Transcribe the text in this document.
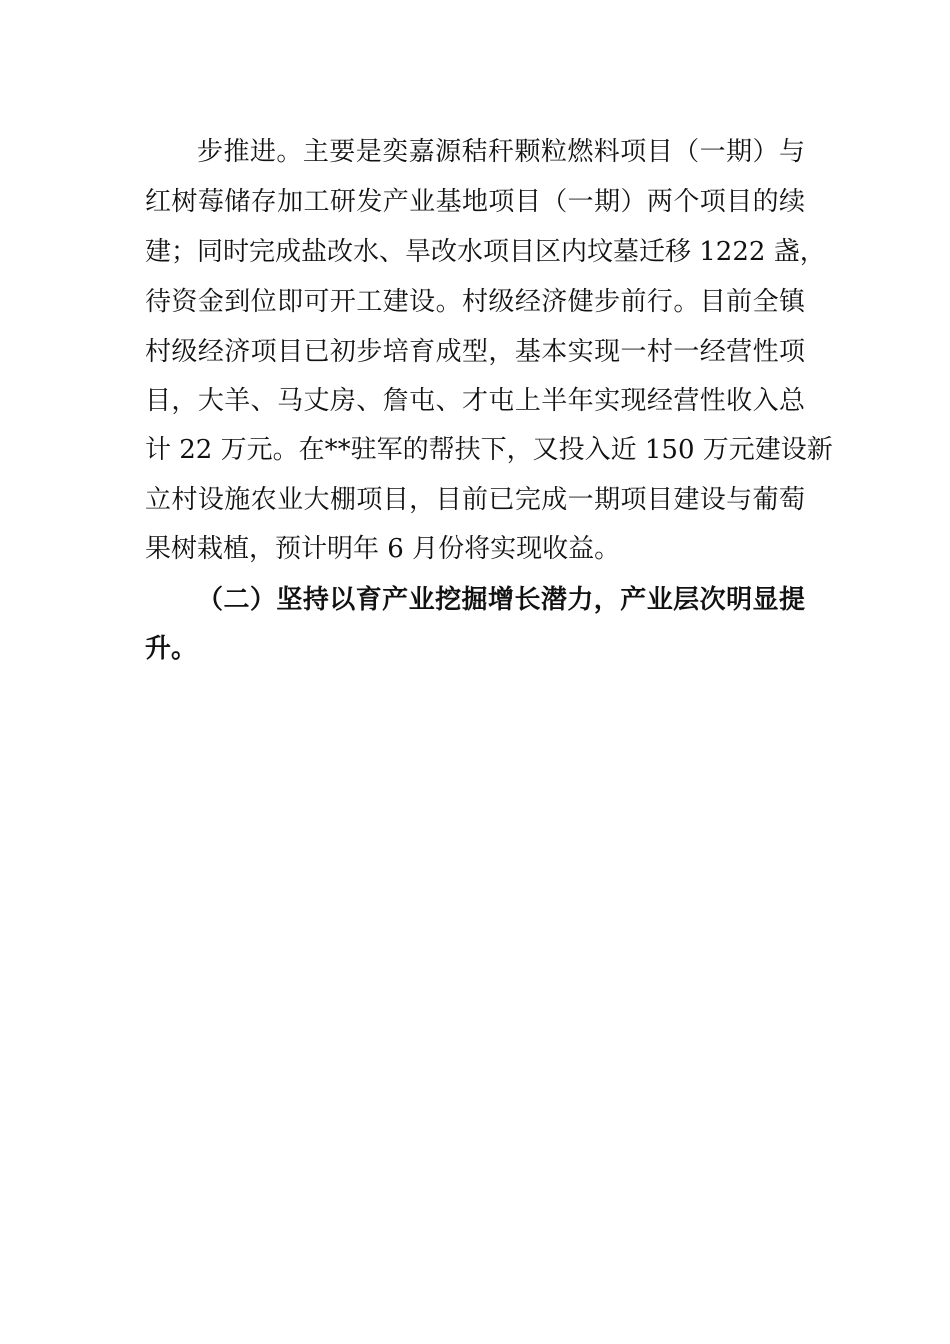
步推进。主要是奕嘉源秸秆颗粒燃料项目（一期）与
红树莓储存加工研发产业基地项目（一期）两个项目的续
建；同时完成盐改水、旱改水项目区内坟墓迁移 1222 盏，
待资金到位即可开工建设。村级经济健步前行。目前全镇
村级经济项目已初步培育成型，基本实现一村一经营性项
目，大羊、马丈房、詹屯、才屯上半年实现经营性收入总
计 22 万元。在**驻军的帮扶下，又投入近 150 万元建设新
立村设施农业大棚项目，目前已完成一期项目建设与葡萄
果树栽植，预计明年 6 月份将实现收益。
（二）坚持以育产业挖掘增长潜力，产业层次明显提
升。
